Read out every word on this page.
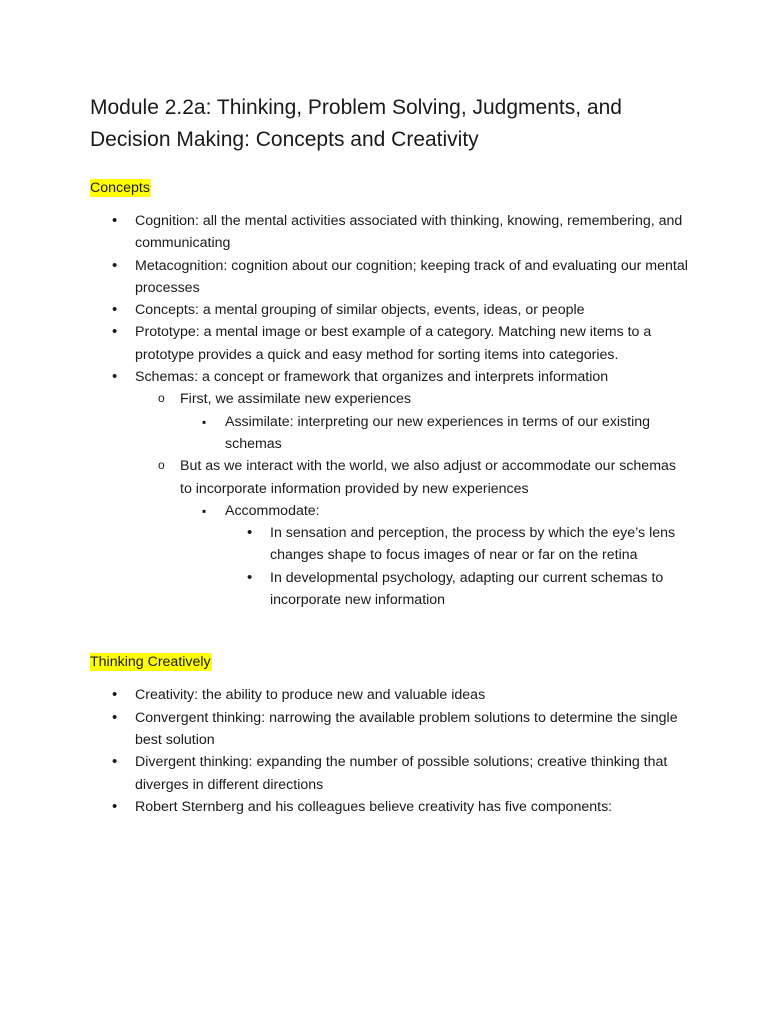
Module 2.2a: Thinking, Problem Solving, Judgments, and Decision Making: Concepts and Creativity
Concepts
• Cognition: all the mental activities associated with thinking, knowing, remembering, and communicating
• Metacognition: cognition about our cognition; keeping track of and evaluating our mental processes
• Concepts: a mental grouping of similar objects, events, ideas, or people
• Prototype: a mental image or best example of a category. Matching new items to a prototype provides a quick and easy method for sorting items into categories.
• Schemas: a concept or framework that organizes and interprets information
o First, we assimilate new experiences
▪ Assimilate: interpreting our new experiences in terms of our existing schemas
o But as we interact with the world, we also adjust or accommodate our schemas to incorporate information provided by new experiences
▪ Accommodate:
• In sensation and perception, the process by which the eye’s lens changes shape to focus images of near or far on the retina
• In developmental psychology, adapting our current schemas to incorporate new information
Thinking Creatively
• Creativity: the ability to produce new and valuable ideas
• Convergent thinking: narrowing the available problem solutions to determine the single best solution
• Divergent thinking: expanding the number of possible solutions; creative thinking that diverges in different directions
• Robert Sternberg and his colleagues believe creativity has five components:
